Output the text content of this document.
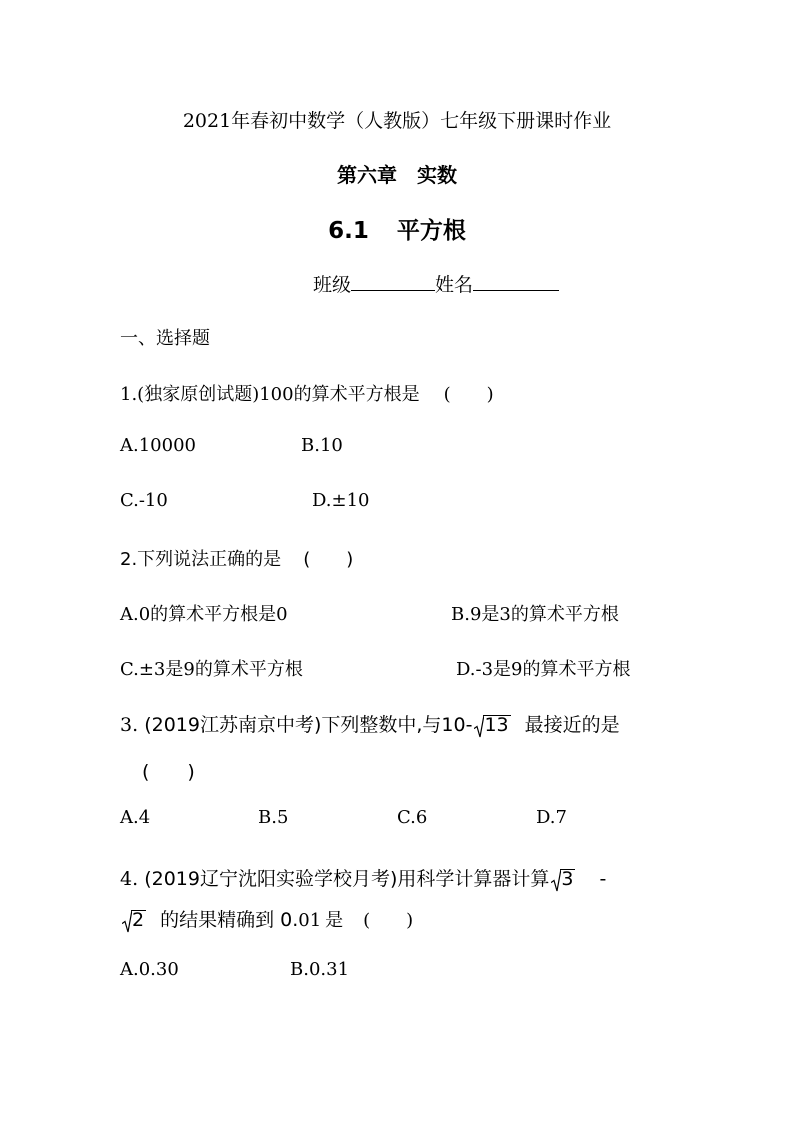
2021年春初中数学（人教版）七年级下册课时作业
第六章　实数
6.1 平方根
班级	姓名
一、选择题
1.(独家原创试题)100的算术平方根是 (　　)
A.10000	B.10
C.-10	D.±10
2.下列说法正确的是 (　　)
A.0的算术平方根是0	B.9是3的算术平方根
C.±3是9的算术平方根	D.-3是9的算术平方根
3. (2019江苏南京中考)下列整数中,与10- 13 最接近的是
(　　)
A.4	B.5	C.6	D.7
4. (2019辽宁沈阳实验学校月考)用科学计算器计算 3 -
2 的结果精确到 0.01 是 (　　)
A.0.30	B.0.31
